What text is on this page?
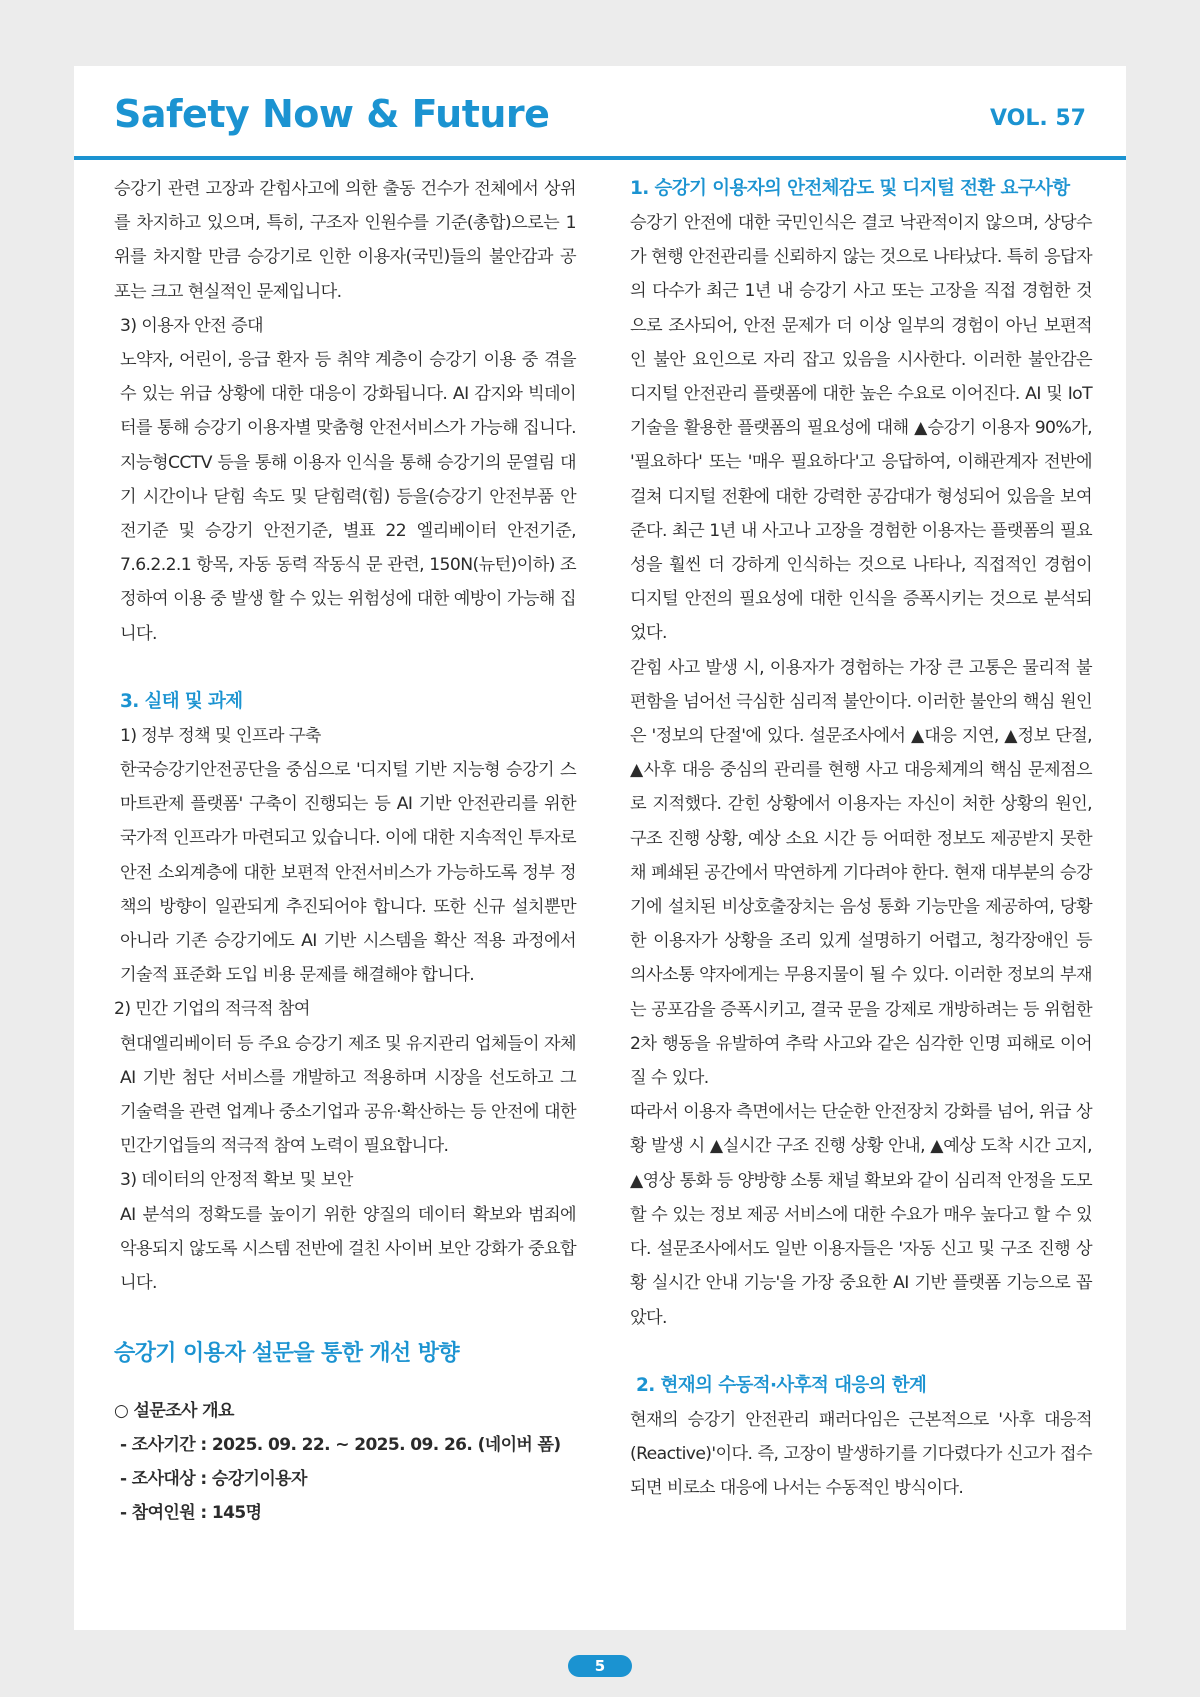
Safety Now & Future	VOL. 57

승강기 관련 고장과 갇힘사고에 의한 출동 건수가 전체에서 상위를 차지하고 있으며, 특히, 구조자 인원수를 기준(총합)으로는 1위를 차지할 만큼 승강기로 인한 이용자(국민)들의 불안감과 공포는 크고 현실적인 문제입니다.

3) 이용자 안전 증대

노약자, 어린이, 응급 환자 등 취약 계층이 승강기 이용 중 겪을 수 있는 위급 상황에 대한 대응이 강화됩니다. AI 감지와 빅데이터를 통해 승강기 이용자별 맞춤형 안전서비스가 가능해 집니다. 지능형CCTV 등을 통해 이용자 인식을 통해 승강기의 문열림 대기 시간이나 닫힘 속도 및 닫힘력(힘) 등을(승강기 안전부품 안전기준 및 승강기 안전기준, 별표 22 엘리베이터 안전기준, 7.6.2.2.1 항목, 자동 동력 작동식 문 관련, 150N(뉴턴)이하) 조정하여 이용 중 발생 할 수 있는 위험성에 대한 예방이 가능해 집니다.

3. 실태 및 과제

1) 정부 정책 및 인프라 구축

한국승강기안전공단을 중심으로 '디지털 기반 지능형 승강기 스마트관제 플랫폼' 구축이 진행되는 등 AI 기반 안전관리를 위한 국가적 인프라가 마련되고 있습니다. 이에 대한 지속적인 투자로 안전 소외계층에 대한 보편적 안전서비스가 가능하도록 정부 정책의 방향이 일관되게 추진되어야 합니다. 또한 신규 설치뿐만 아니라 기존 승강기에도 AI 기반 시스템을 확산 적용 과정에서 기술적 표준화 도입 비용 문제를 해결해야 합니다.

2) 민간 기업의 적극적 참여

현대엘리베이터 등 주요 승강기 제조 및 유지관리 업체들이 자체 AI 기반 첨단 서비스를 개발하고 적용하며 시장을 선도하고 그 기술력을 관련 업계나 중소기업과 공유·확산하는 등 안전에 대한 민간기업들의 적극적 참여 노력이 필요합니다.

3) 데이터의 안정적 확보 및 보안

AI 분석의 정확도를 높이기 위한 양질의 데이터 확보와 범죄에 악용되지 않도록 시스템 전반에 걸친 사이버 보안 강화가 중요합니다.

승강기 이용자 설문을 통한 개선 방향

○ 설문조사 개요

- 조사기간 : 2025. 09. 22. ~ 2025. 09. 26. (네이버 폼)

- 조사대상 : 승강기이용자

- 참여인원 : 145명

1. 승강기 이용자의 안전체감도 및 디지털 전환 요구사항

승강기 안전에 대한 국민인식은 결코 낙관적이지 않으며, 상당수가 현행 안전관리를 신뢰하지 않는 것으로 나타났다. 특히 응답자의 다수가 최근 1년 내 승강기 사고 또는 고장을 직접 경험한 것으로 조사되어, 안전 문제가 더 이상 일부의 경험이 아닌 보편적인 불안 요인으로 자리 잡고 있음을 시사한다. 이러한 불안감은 디지털 안전관리 플랫폼에 대한 높은 수요로 이어진다. AI 및 IoT 기술을 활용한 플랫폼의 필요성에 대해 ▲승강기 이용자 90%가, '필요하다' 또는 '매우 필요하다'고 응답하여, 이해관계자 전반에 걸쳐 디지털 전환에 대한 강력한 공감대가 형성되어 있음을 보여준다. 최근 1년 내 사고나 고장을 경험한 이용자는 플랫폼의 필요성을 훨씬 더 강하게 인식하는 것으로 나타나, 직접적인 경험이 디지털 안전의 필요성에 대한 인식을 증폭시키는 것으로 분석되었다.

갇힘 사고 발생 시, 이용자가 경험하는 가장 큰 고통은 물리적 불편함을 넘어선 극심한 심리적 불안이다. 이러한 불안의 핵심 원인은 '정보의 단절'에 있다. 설문조사에서 ▲대응 지연, ▲정보 단절, ▲사후 대응 중심의 관리를 현행 사고 대응체계의 핵심 문제점으로 지적했다. 갇힌 상황에서 이용자는 자신이 처한 상황의 원인, 구조 진행 상황, 예상 소요 시간 등 어떠한 정보도 제공받지 못한 채 폐쇄된 공간에서 막연하게 기다려야 한다. 현재 대부분의 승강기에 설치된 비상호출장치는 음성 통화 기능만을 제공하여, 당황한 이용자가 상황을 조리 있게 설명하기 어렵고, 청각장애인 등 의사소통 약자에게는 무용지물이 될 수 있다. 이러한 정보의 부재는 공포감을 증폭시키고, 결국 문을 강제로 개방하려는 등 위험한 2차 행동을 유발하여 추락 사고와 같은 심각한 인명 피해로 이어질 수 있다.

따라서 이용자 측면에서는 단순한 안전장치 강화를 넘어, 위급 상황 발생 시 ▲실시간 구조 진행 상황 안내, ▲예상 도착 시간 고지, ▲영상 통화 등 양방향 소통 채널 확보와 같이 심리적 안정을 도모할 수 있는 정보 제공 서비스에 대한 수요가 매우 높다고 할 수 있다. 설문조사에서도 일반 이용자들은 '자동 신고 및 구조 진행 상황 실시간 안내 기능'을 가장 중요한 AI 기반 플랫폼 기능으로 꼽았다.

2. 현재의 수동적·사후적 대응의 한계

현재의 승강기 안전관리 패러다임은 근본적으로 '사후 대응적(Reactive)'이다. 즉, 고장이 발생하기를 기다렸다가 신고가 접수되면 비로소 대응에 나서는 수동적인 방식이다.

5
